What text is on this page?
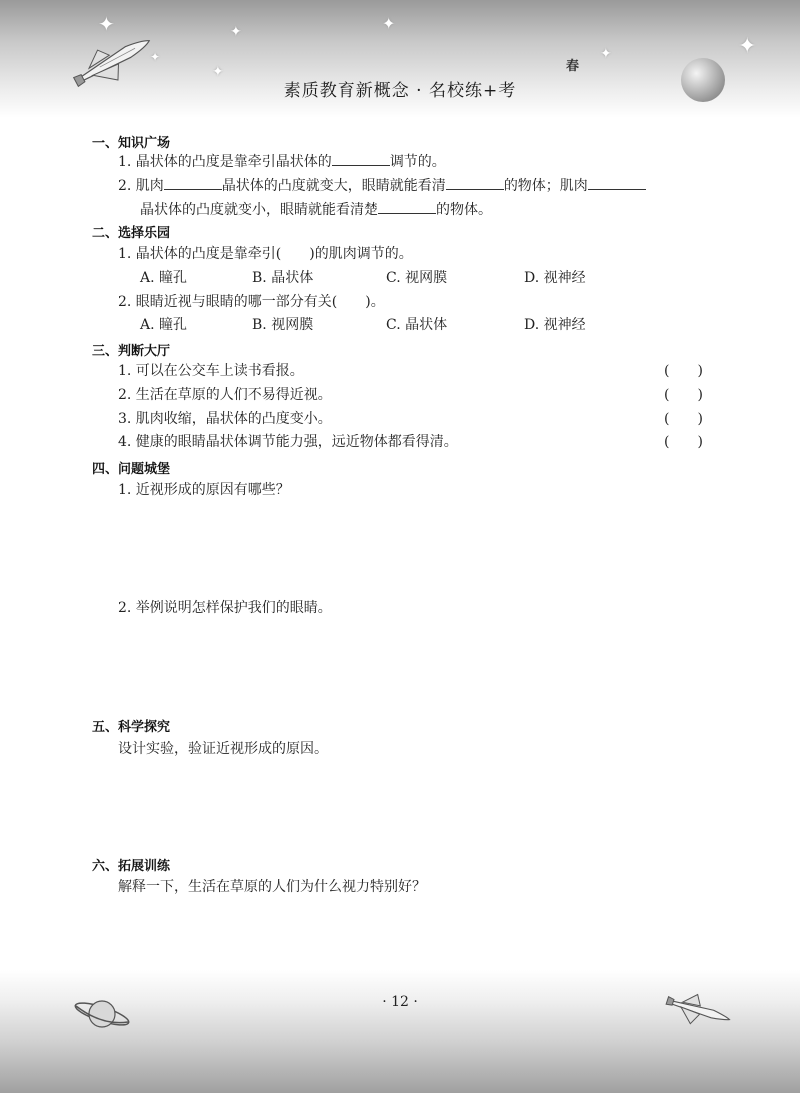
✦	✦	✦
✦
✦	✦
✦
素质教育新概念 · 名校练+考
春
一、知识广场
1. 晶状体的凸度是靠牵引晶状体的	调节的。
2. 肌肉	晶状体的凸度就变大，眼睛就能看清	的物体；肌肉
晶状体的凸度就变小，眼睛就能看清楚	的物体。
二、选择乐园
1. 晶状体的凸度是靠牵引(　　)的肌肉调节的。
A. 瞳孔	B. 晶状体	C. 视网膜	D. 视神经
2. 眼睛近视与眼睛的哪一部分有关(　　)。
A. 瞳孔	B. 视网膜	C. 晶状体	D. 视神经
三、判断大厅
1. 可以在公交车上读书看报。	(　　)
2. 生活在草原的人们不易得近视。	(　　)
3. 肌肉收缩，晶状体的凸度变小。	(　　)
4. 健康的眼睛晶状体调节能力强，远近物体都看得清。	(　　)
四、问题城堡
1. 近视形成的原因有哪些？
2. 举例说明怎样保护我们的眼睛。
五、科学探究
设计实验，验证近视形成的原因。
六、拓展训练
解释一下，生活在草原的人们为什么视力特别好？
· 12 ·
